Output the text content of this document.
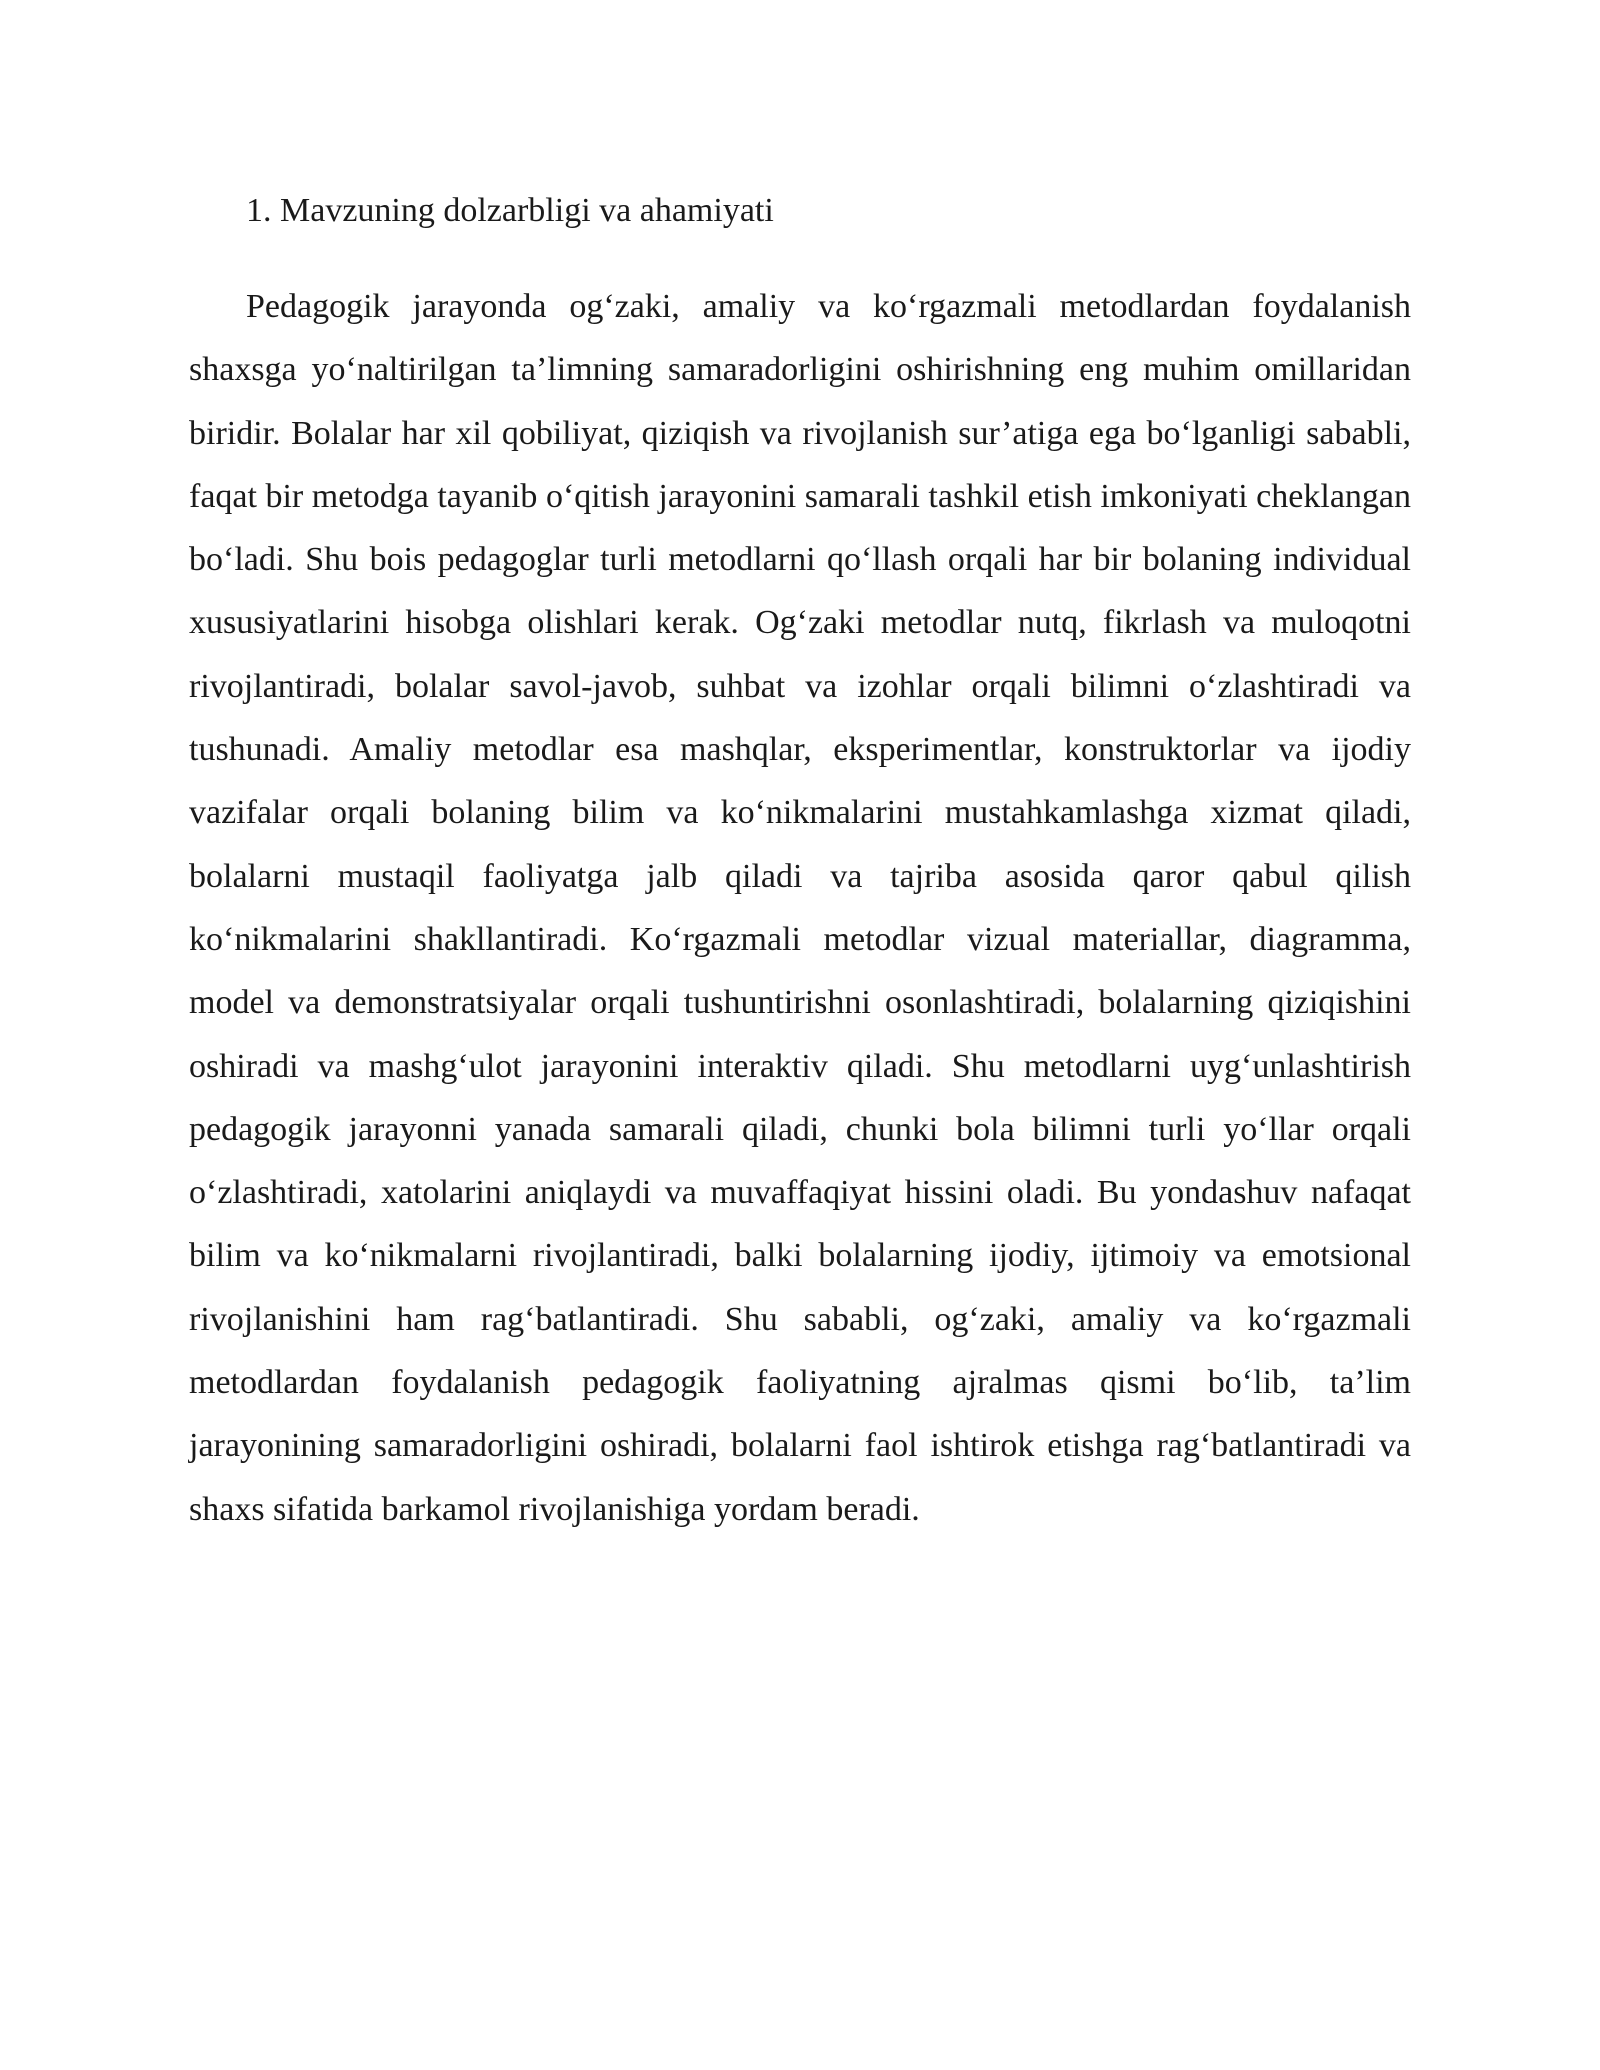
1. Mavzuning dolzarbligi va ahamiyati

Pedagogik jarayonda og‘zaki, amaliy va ko‘rgazmali metodlardan foydalanish shaxsga yo‘naltirilgan ta’limning samaradorligini oshirishning eng muhim omillaridan biridir. Bolalar har xil qobiliyat, qiziqish va rivojlanish sur’atiga ega bo‘lganligi sababli, faqat bir metodga tayanib o‘qitish jarayonini samarali tashkil etish imkoniyati cheklangan bo‘ladi. Shu bois pedagoglar turli metodlarni qo‘llash orqali har bir bolaning individual xususiyatlarini hisobga olishlari kerak. Og‘zaki metodlar nutq, fikrlash va muloqotni rivojlantiradi, bolalar savol-javob, suhbat va izohlar orqali bilimni o‘zlashtiradi va tushunadi. Amaliy metodlar esa mashqlar, eksperimentlar, konstruktorlar va ijodiy vazifalar orqali bolaning bilim va ko‘nikmalarini mustahkamlashga xizmat qiladi, bolalarni mustaqil faoliyatga jalb qiladi va tajriba asosida qaror qabul qilish ko‘nikmalarini shakllantiradi. Ko‘rgazmali metodlar vizual materiallar, diagramma, model va demonstratsiyalar orqali tushuntirishni osonlashtiradi, bolalarning qiziqishini oshiradi va mashg‘ulot jarayonini interaktiv qiladi. Shu metodlarni uyg‘unlashtirish pedagogik jarayonni yanada samarali qiladi, chunki bola bilimni turli yo‘llar orqali o‘zlashtiradi, xatolarini aniqlaydi va muvaffaqiyat hissini oladi. Bu yondashuv nafaqat bilim va ko‘nikmalarni rivojlantiradi, balki bolalarning ijodiy, ijtimoiy va emotsional rivojlanishini ham rag‘batlantiradi. Shu sababli, og‘zaki, amaliy va ko‘rgazmali metodlardan foydalanish pedagogik faoliyatning ajralmas qismi bo‘lib, ta’lim jarayonining samaradorligini oshiradi, bolalarni faol ishtirok etishga rag‘batlantiradi va shaxs sifatida barkamol rivojlanishiga yordam beradi.
